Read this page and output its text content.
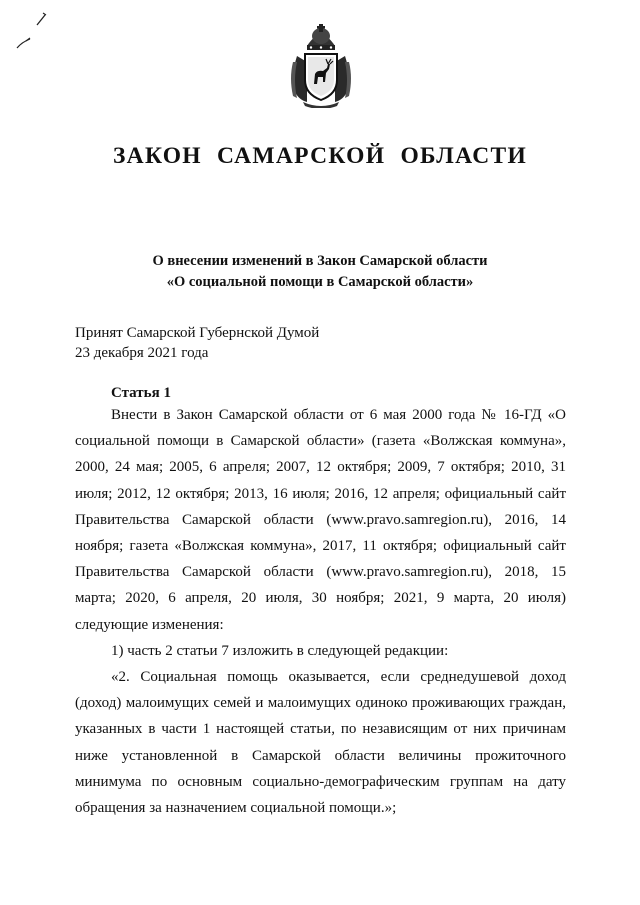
ЗАКОН САМАРСКОЙ ОБЛАСТИ
О внесении изменений в Закон Самарской области
«О социальной помощи в Самарской области»
Принят Самарской Губернской Думой
23 декабря 2021 года
Статья 1

Внести в Закон Самарской области от 6 мая 2000 года № 16-ГД «О социальной помощи в Самарской области» (газета «Волжская коммуна», 2000, 24 мая; 2005, 6 апреля; 2007, 12 октября; 2009, 7 октября; 2010, 31 июля; 2012, 12 октября; 2013, 16 июля; 2016, 12 апреля; официальный сайт Правительства Самарской области (www.pravo.samregion.ru), 2016, 14 ноября; газета «Волжская коммуна», 2017, 11 октября; официальный сайт Правительства Самарской области (www.pravo.samregion.ru), 2018, 15 марта; 2020, 6 апреля, 20 июля, 30 ноября; 2021, 9 марта, 20 июля) следующие изменения:

1) часть 2 статьи 7 изложить в следующей редакции:

«2. Социальная помощь оказывается, если среднедушевой доход (доход) малоимущих семей и малоимущих одиноко проживающих граждан, указанных в части 1 настоящей статьи, по независящим от них причинам ниже установленной в Самарской области величины прожиточного минимума по основным социально-демографическим группам на дату обращения за назначением социальной помощи.»;
